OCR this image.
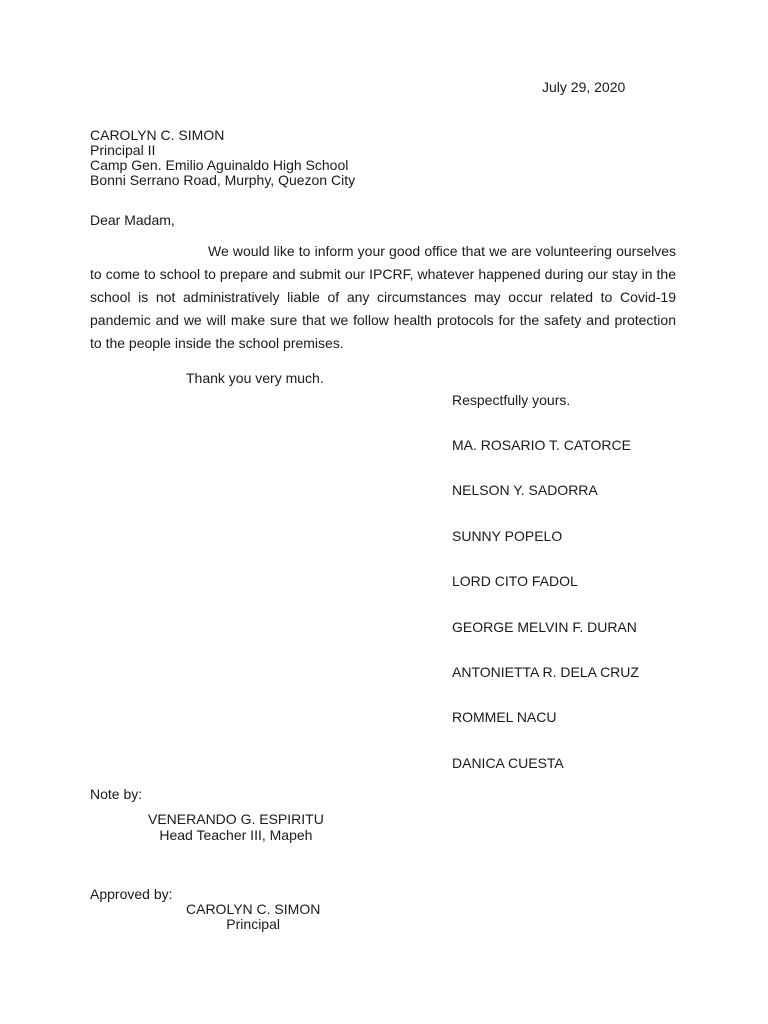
July 29, 2020
CAROLYN C. SIMON
Principal II
Camp Gen. Emilio Aguinaldo High School
Bonni Serrano Road, Murphy, Quezon City
Dear Madam,

We would like to inform your good office that we are volunteering ourselves to come to school to prepare and submit our IPCRF, whatever happened during our stay in the school is not administratively liable of any circumstances may occur related to Covid-19 pandemic and we will make sure that we follow health protocols for the safety and protection to the people inside the school premises.

Thank you very much.
Respectfully yours.
MA. ROSARIO T. CATORCE
NELSON Y. SADORRA
SUNNY POPELO
LORD CITO FADOL
GEORGE MELVIN F. DURAN
ANTONIETTA R. DELA CRUZ
ROMMEL NACU
DANICA CUESTA
Note by:
VENERANDO G. ESPIRITU
Head Teacher III, Mapeh
Approved by:
CAROLYN C. SIMON
Principal
